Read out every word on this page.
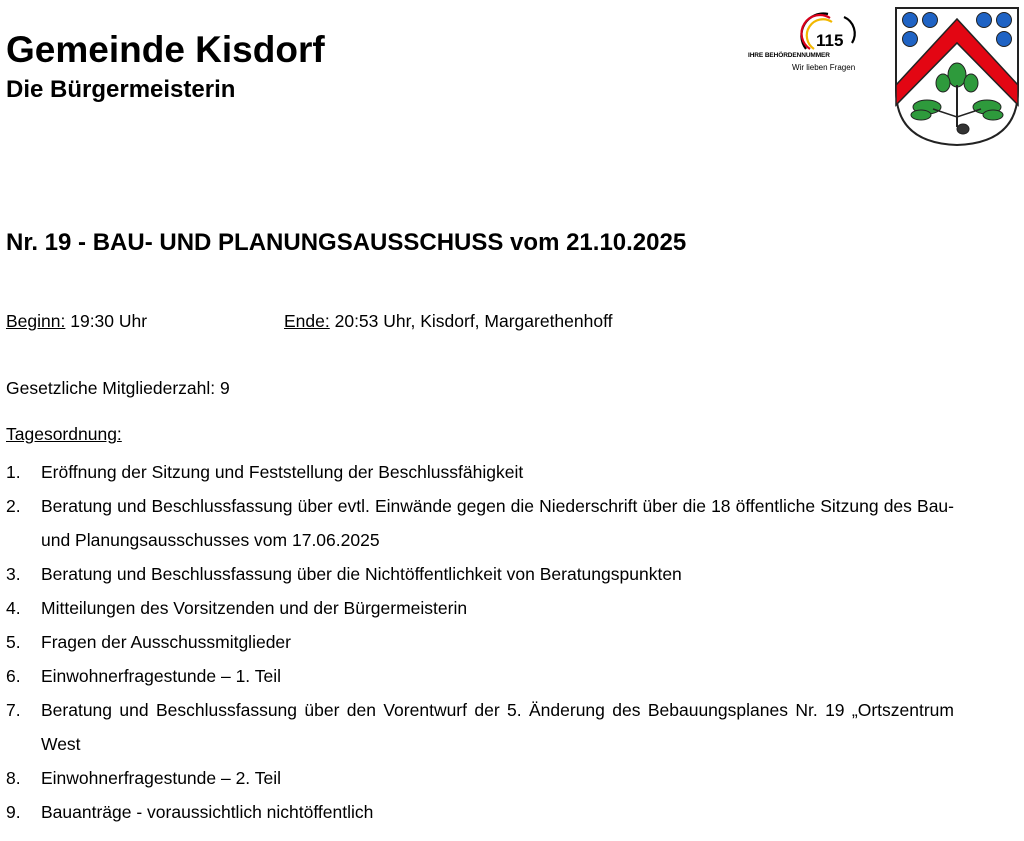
Gemeinde Kisdorf
Die Bürgermeisterin
115
IHRE BEHÖRDENNUMMER
Wir lieben Fragen
Nr. 19 - BAU- UND PLANUNGSAUSSCHUSS vom 21.10.2025
Beginn: 19:30 Uhr	Ende: 20:53 Uhr, Kisdorf, Margarethenhoff
Gesetzliche Mitgliederzahl: 9
Tagesordnung:
1.	Eröffnung der Sitzung und Feststellung der Beschlussfähigkeit
2.	Beratung und Beschlussfassung über evtl. Einwände gegen die Niederschrift über die 18 öffentliche Sitzung des Bau- und Planungsausschusses vom 17.06.2025
3.	Beratung und Beschlussfassung über die Nichtöffentlichkeit von Beratungspunkten
4.	Mitteilungen des Vorsitzenden und der Bürgermeisterin
5.	Fragen der Ausschussmitglieder
6.	Einwohnerfragestunde – 1. Teil
7.	Beratung und Beschlussfassung über den Vorentwurf der 5. Änderung des Bebauungsplanes Nr. 19 „Ortszentrum West
8.	Einwohnerfragestunde – 2. Teil
9.	Bauanträge - voraussichtlich nichtöffentlich
